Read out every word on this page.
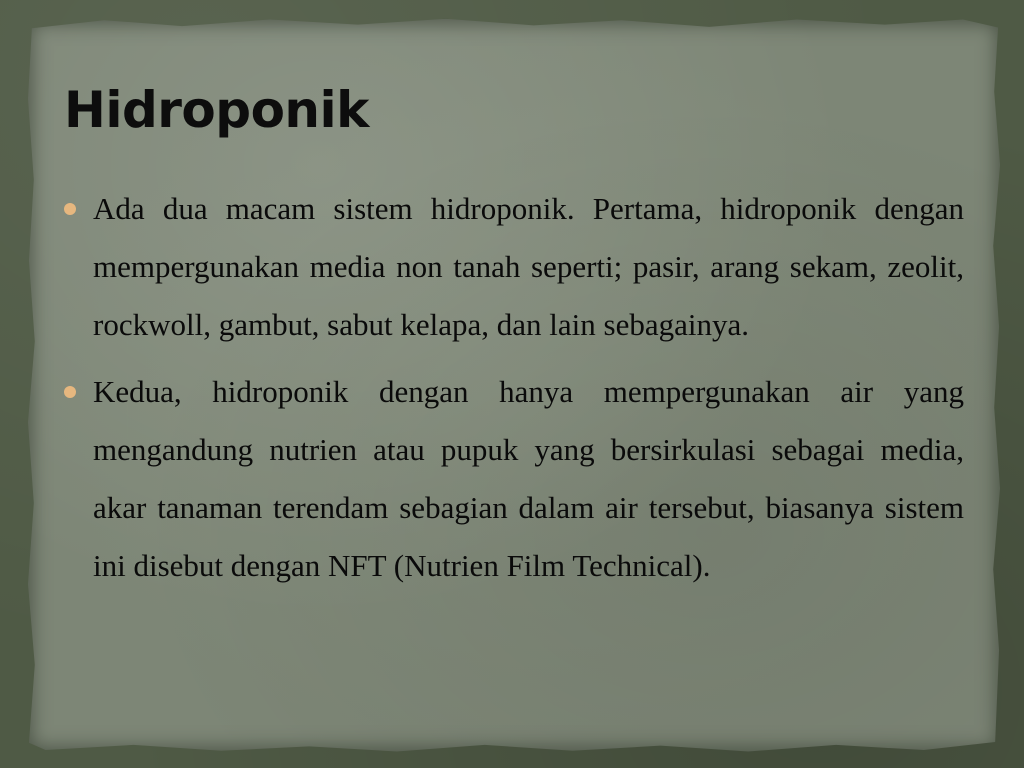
Hidroponik
Ada dua macam sistem hidroponik. Pertama, hidroponik dengan mempergunakan media non tanah seperti; pasir, arang sekam, zeolit, rockwoll, gambut, sabut kelapa, dan lain sebagainya.
Kedua, hidroponik dengan hanya mempergunakan air yang mengandung nutrien atau pupuk yang bersirkulasi sebagai media, akar tanaman terendam sebagian dalam air tersebut, biasanya sistem ini disebut dengan NFT (Nutrien Film Technical).
